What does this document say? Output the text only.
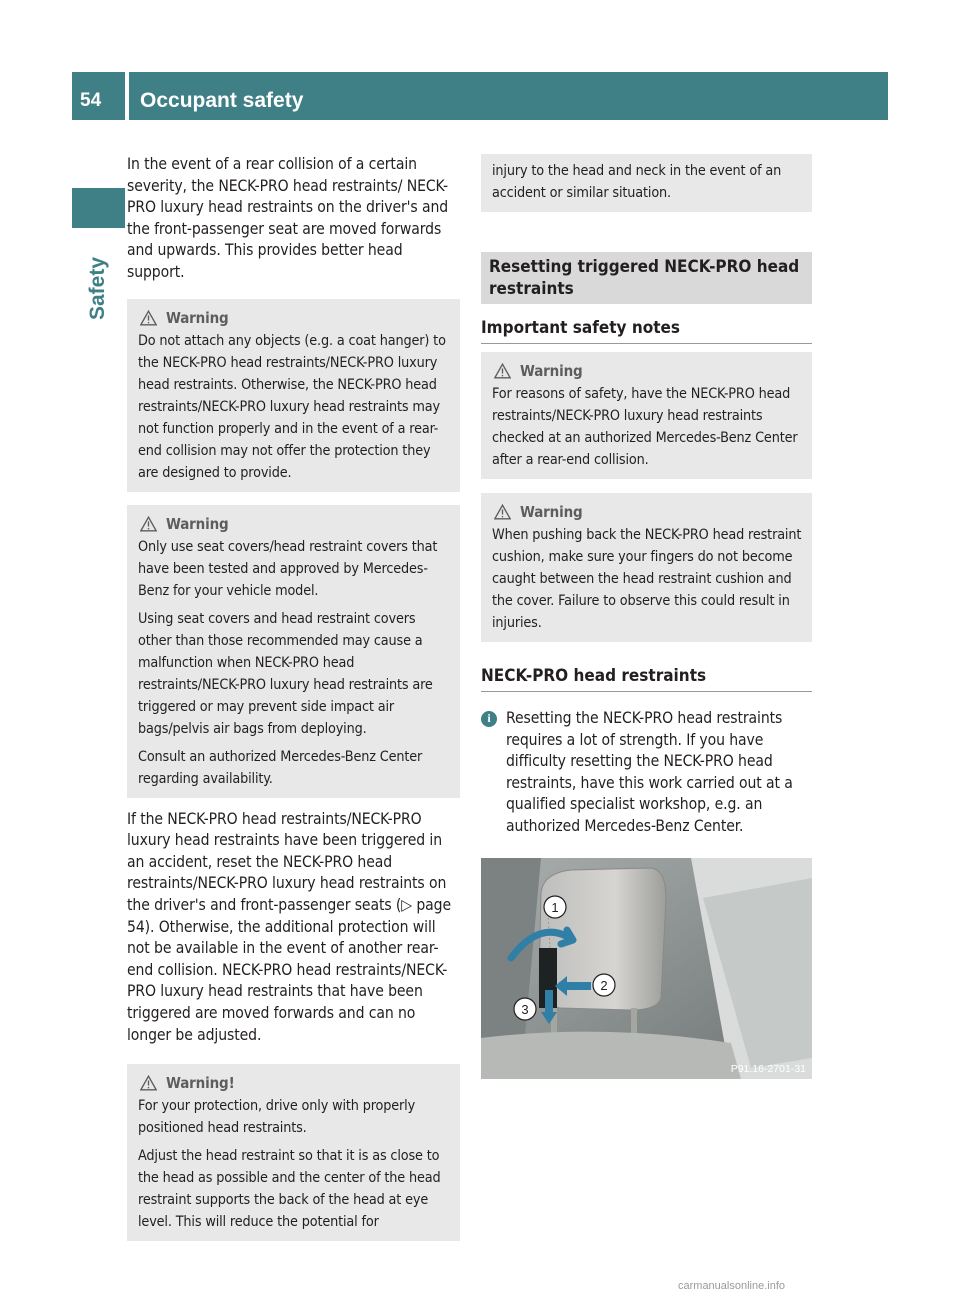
54 Occupant safety
Safety

In the event of a rear collision of a certain severity, the NECK-PRO head restraints/ NECK-PRO luxury head restraints on the driver's and the front-passenger seat are moved forwards and upwards. This provides better head support.

Warning

Do not attach any objects (e.g. a coat hanger) to the NECK-PRO head restraints/NECK-PRO luxury head restraints. Otherwise, the NECK-PRO head restraints/NECK-PRO luxury head restraints may not function properly and in the event of a rear-end collision may not offer the protection they are designed to provide.

Warning

Only use seat covers/head restraint covers that have been tested and approved by Mercedes-Benz for your vehicle model.

Using seat covers and head restraint covers other than those recommended may cause a malfunction when NECK-PRO head restraints/NECK-PRO luxury head restraints are triggered or may prevent side impact air bags/pelvis air bags from deploying.

Consult an authorized Mercedes-Benz Center regarding availability.

If the NECK-PRO head restraints/NECK-PRO luxury head restraints have been triggered in an accident, reset the NECK-PRO head restraints/NECK-PRO luxury head restraints on the driver's and front-passenger seats (▷ page 54). Otherwise, the additional protection will not be available in the event of another rear-end collision. NECK-PRO head restraints/NECK-PRO luxury head restraints that have been triggered are moved forwards and can no longer be adjusted.

Warning!

For your protection, drive only with properly positioned head restraints.

Adjust the head restraint so that it is as close to the head as possible and the center of the head restraint supports the back of the head at eye level. This will reduce the potential for

injury to the head and neck in the event of an accident or similar situation.

Resetting triggered NECK-PRO head restraints
Important safety notes
Warning

For reasons of safety, have the NECK-PRO head restraints/NECK-PRO luxury head restraints checked at an authorized Mercedes-Benz Center after a rear-end collision.

Warning

When pushing back the NECK-PRO head restraint cushion, make sure your fingers do not become caught between the head restraint cushion and the cover. Failure to observe this could result in injuries.

NECK-PRO head restraints
i Resetting the NECK-PRO head restraints requires a lot of strength. If you have difficulty resetting the NECK-PRO head restraints, have this work carried out at a qualified specialist workshop, e.g. an authorized Mercedes-Benz Center.

1
2
3
P91.16-2701-31
carmanualsonline.info
